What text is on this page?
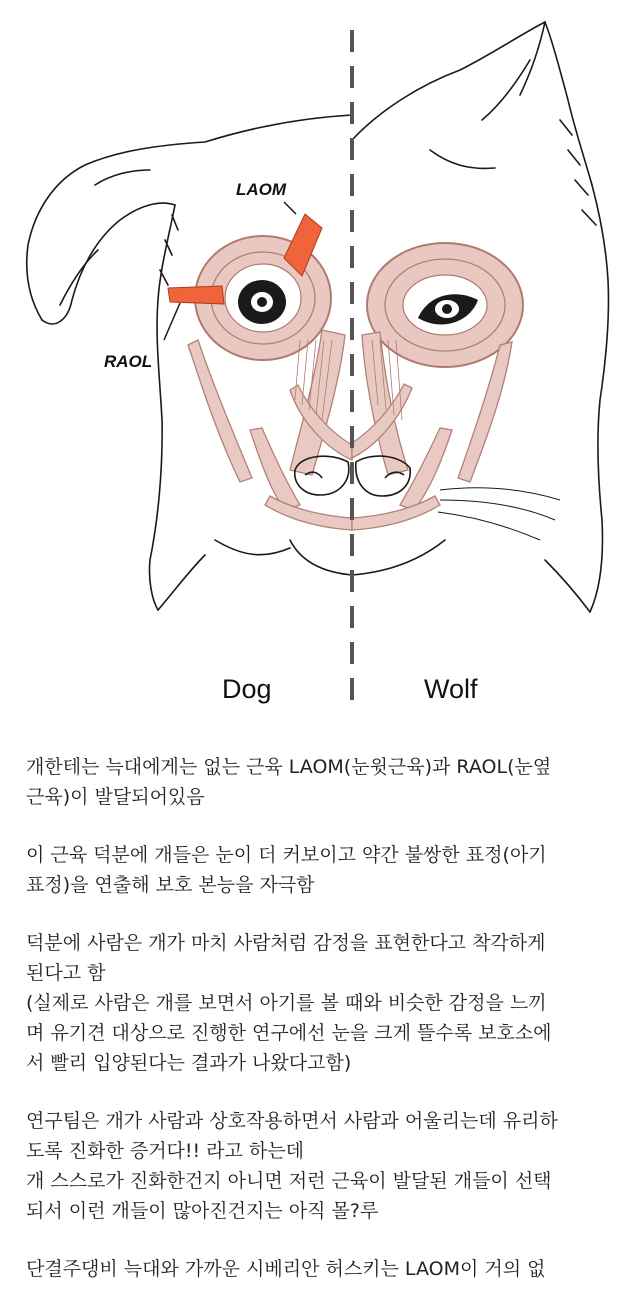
LAOM
RAOL
Dog	Wolf

개한테는 늑대에게는 없는 근육 LAOM(눈윗근육)과 RAOL(눈옆
근육)이 발달되어있음

이 근육 덕분에 개들은 눈이 더 커보이고 약간 불쌍한 표정(아기
표정)을 연출해 보호 본능을 자극함

덕분에 사람은 개가 마치 사람처럼 감정을 표현한다고 착각하게
된다고 함
(실제로 사람은 개를 보면서 아기를 볼 때와 비슷한 감정을 느끼
며 유기견 대상으로 진행한 연구에선 눈을 크게 뜰수록 보호소에
서 빨리 입양된다는 결과가 나왔다고함)

연구팀은 개가 사람과 상호작용하면서 사람과 어울리는데 유리하
도록 진화한 증거다!! 라고 하는데
개 스스로가 진화한건지 아니면 저런 근육이 발달된 개들이 선택
되서 이런 개들이 많아진건지는 아직 몰?루

단결주댕비 늑대와 가까운 시베리안 허스키는 LAOM이 거의 없
